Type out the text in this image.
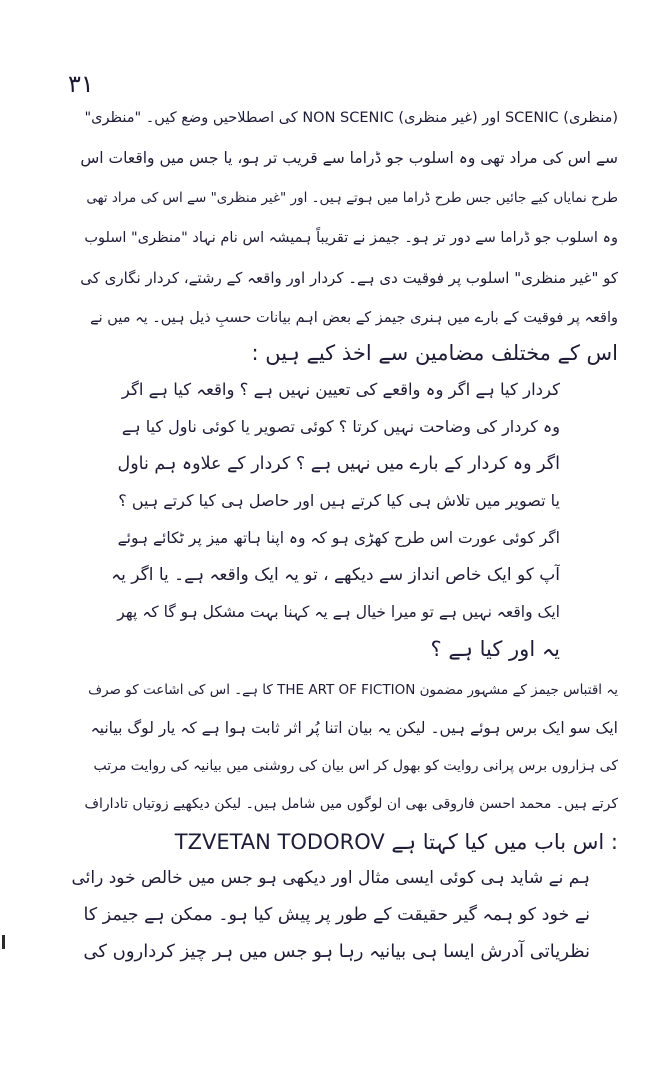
۳۱
(منظری) SCENIC اور (غیر منظری) NON SCENIC کی اصطلاحیں وضع کیں۔ "منظری"
سے اس کی مراد تھی وہ اسلوب جو ڈراما سے قریب تر ہو، یا جس میں واقعات اس
طرح نمایاں کیے جائیں جس طرح ڈراما میں ہوتے ہیں۔ اور "غیر منظری" سے اس کی مراد تھی
وہ اسلوب جو ڈراما سے دور تر ہو۔ جیمز نے تقریباً ہمیشہ اس نام نہاد "منظری" اسلوب
کو "غیر منظری" اسلوب پر فوقیت دی ہے۔ کردار اور واقعہ کے رشتے، کردار نگاری کی
واقعہ پر فوقیت کے بارے میں ہنری جیمز کے بعض اہم بیانات حسبِ ذیل ہیں۔ یہ میں نے
اس کے مختلف مضامین سے اخذ کیے ہیں :
کردار کیا ہے اگر وہ واقعے کی تعیین نہیں ہے ؟ واقعہ کیا ہے اگر
وہ کردار کی وضاحت نہیں کرتا ؟ کوئی تصویر یا کوئی ناول کیا ہے
اگر وہ کردار کے بارے میں نہیں ہے ؟ کردار کے علاوہ ہم ناول
یا تصویر میں تلاش ہی کیا کرتے ہیں اور حاصل ہی کیا کرتے ہیں ؟
اگر کوئی عورت اس طرح کھڑی ہو کہ وہ اپنا ہاتھ میز پر ٹکائے ہوئے
آپ کو ایک خاص انداز سے دیکھے ، تو یہ ایک واقعہ ہے۔ یا اگر یہ
ایک واقعہ نہیں ہے تو میرا خیال ہے یہ کہنا بہت مشکل ہو گا کہ پھر
یہ اور کیا ہے ؟
یہ اقتباس جیمز کے مشہور مضمون THE ART OF FICTION کا ہے۔ اس کی اشاعت کو صرف
ایک سو ایک برس ہوئے ہیں۔ لیکن یہ بیان اتنا پُر اثر ثابت ہوا ہے کہ یار لوگ بیانیہ
کی ہزاروں برس پرانی روایت کو بھول کر اس بیان کی روشنی میں بیانیہ کی روایت مرتب
کرتے ہیں۔ محمد احسن فاروقی بھی ان لوگوں میں شامل ہیں۔ لیکن دیکھیے زوتیاں تاداراف
TZVETAN TODOROV اس باب میں کیا کہتا ہے :
ہم نے شاید ہی کوئی ایسی مثال اور دیکھی ہو جس میں خالص خود رائی
نے خود کو ہمہ گیر حقیقت کے طور پر پیش کیا ہو۔ ممکن ہے جیمز کا
نظریاتی آدرش ایسا ہی بیانیہ رہا ہو جس میں ہر چیز کرداروں کی
